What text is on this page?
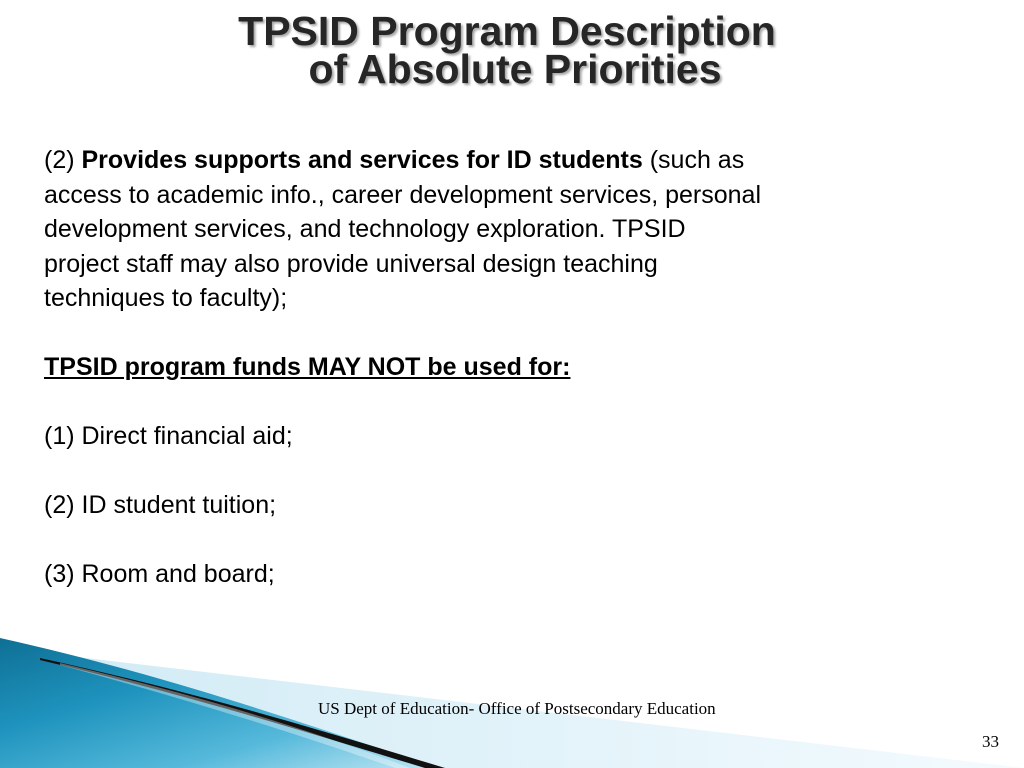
TPSID Program Description
of Absolute Priorities

(2) Provides supports and services for ID students (such as

access to academic info., career development services, personal

development services, and technology exploration. TPSID

project staff may also provide universal design teaching

techniques to faculty);

TPSID program funds MAY NOT be used for:

(1) Direct financial aid;

(2) ID student tuition;

(3) Room and board;

US Dept of Education- Office of Postsecondary Education
33
